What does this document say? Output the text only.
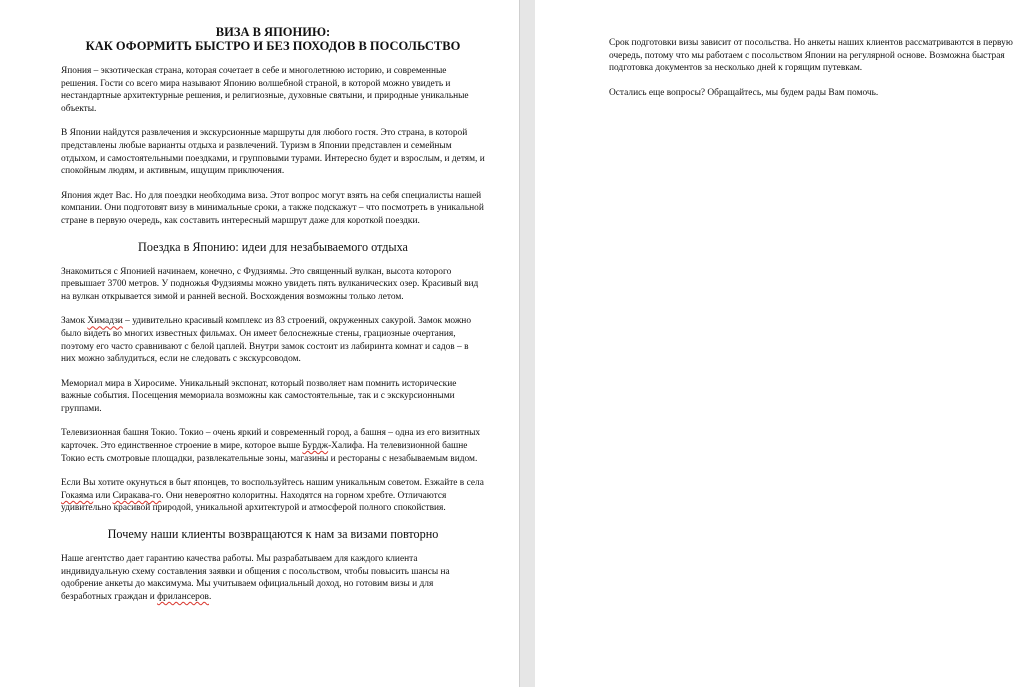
ВИЗА В ЯПОНИЮ:
КАК ОФОРМИТЬ БЫСТРО И БЕЗ ПОХОДОВ В ПОСОЛЬСТВО

Япония – экзотическая страна, которая сочетает в себе и многолетнюю историю, и современные решения. Гости со всего мира называют Японию волшебной страной, в которой можно увидеть и нестандартные архитектурные решения, и религиозные, духовные святыни, и природные уникальные объекты.

В Японии найдутся развлечения и экскурсионные маршруты для любого гостя. Это страна, в которой представлены любые варианты отдыха и развлечений. Туризм в Японии представлен и семейным отдыхом, и самостоятельными поездками, и групповыми турами. Интересно будет и взрослым, и детям, и спокойным людям, и активным, ищущим приключения.

Япония ждет Вас. Но для поездки необходима виза. Этот вопрос могут взять на себя специалисты нашей компании. Они подготовят визу в минимальные сроки, а также подскажут – что посмотреть в уникальной стране в первую очередь, как составить интересный маршрут даже для короткой поездки.

Поездка в Японию: идеи для незабываемого отдыха

Знакомиться с Японией начинаем, конечно, с Фудзиямы. Это священный вулкан, высота которого превышает 3700 метров. У подножья Фудзиямы можно увидеть пять вулканических озер. Красивый вид на вулкан открывается зимой и ранней весной. Восхождения возможны только летом.

Замок Химадзи – удивительно красивый комплекс из 83 строений, окруженных сакурой. Замок можно было видеть во многих известных фильмах. Он имеет белоснежные стены, грациозные очертания, поэтому его часто сравнивают с белой цаплей. Внутри замок состоит из лабиринта комнат и садов – в них можно заблудиться, если не следовать с экскурсоводом.

Мемориал мира в Хиросиме. Уникальный экспонат, который позволяет нам помнить исторические важные события. Посещения мемориала возможны как самостоятельные, так и с экскурсионными группами.

Телевизионная башня Токио. Токио – очень яркий и современный город, а башня – одна из его визитных карточек. Это единственное строение в мире, которое выше Бурдж-Халифа. На телевизионной башне Токио есть смотровые площадки, развлекательные зоны, магазины и рестораны с незабываемым видом.

Если Вы хотите окунуться в быт японцев, то воспользуйтесь нашим уникальным советом. Езжайте в села Гокаяма или Сиракава-го. Они невероятно колоритны. Находятся на горном хребте. Отличаются удивительно красивой природой, уникальной архитектурой и атмосферой полного спокойствия.

Почему наши клиенты возвращаются к нам за визами повторно

Наше агентство дает гарантию качества работы. Мы разрабатываем для каждого клиента индивидуальную схему составления заявки и общения с посольством, чтобы повысить шансы на одобрение анкеты до максимума. Мы учитываем официальный доход, но готовим визы и для безработных граждан и фрилансеров.

Срок подготовки визы зависит от посольства. Но анкеты наших клиентов рассматриваются в первую очередь, потому что мы работаем с посольством Японии на регулярной основе. Возможна быстрая подготовка документов за несколько дней к горящим путевкам.

Остались еще вопросы? Обращайтесь, мы будем рады Вам помочь.
